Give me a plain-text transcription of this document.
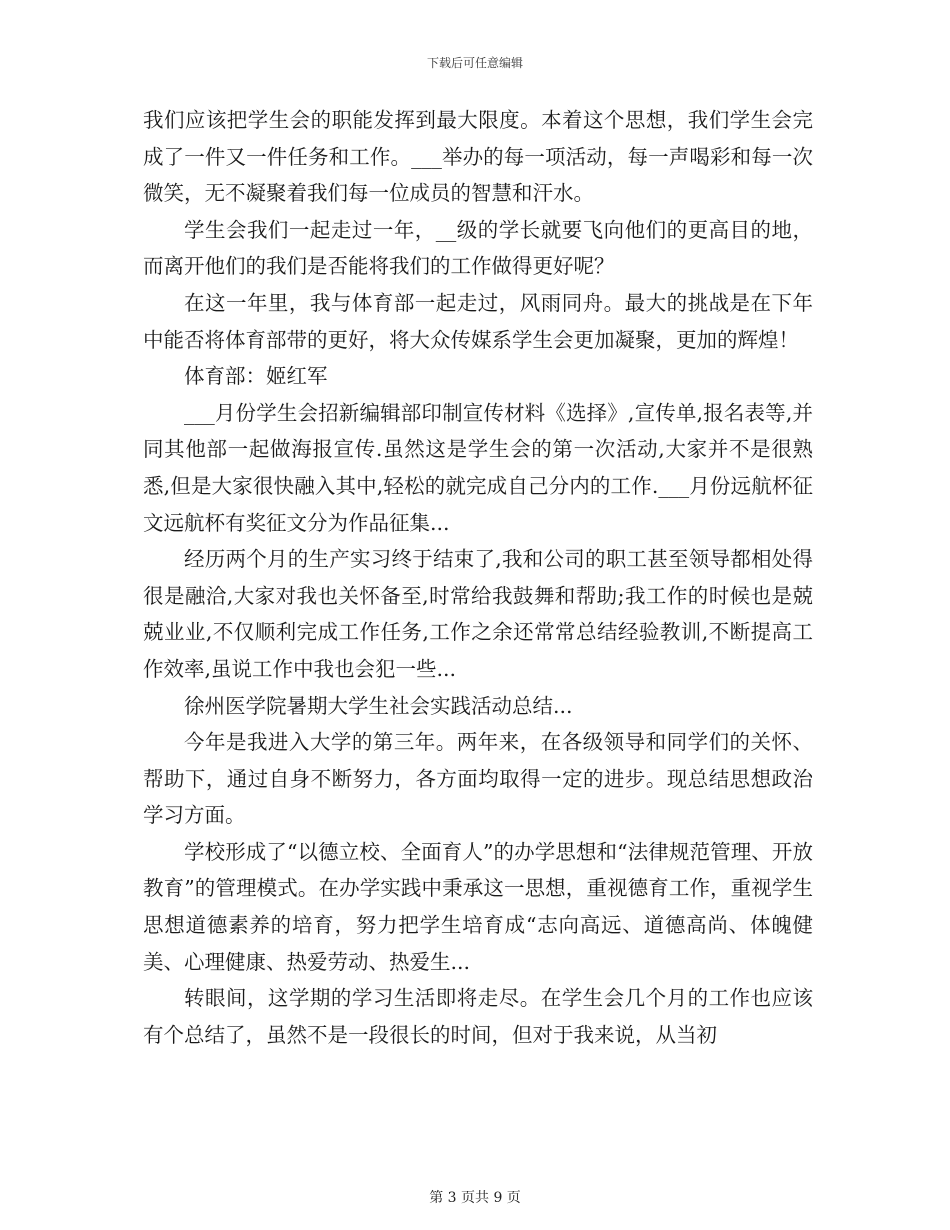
下载后可任意编辑

我们应该把学生会的职能发挥到最大限度。本着这个思想，我们学生会完成了一件又一件任务和工作。___举办的每一项活动，每一声喝彩和每一次微笑，无不凝聚着我们每一位成员的智慧和汗水。

学生会我们一起走过一年，__级的学长就要飞向他们的更高目的地，而离开他们的我们是否能将我们的工作做得更好呢？

在这一年里，我与体育部一起走过，风雨同舟。最大的挑战是在下年中能否将体育部带的更好，将大众传媒系学生会更加凝聚，更加的辉煌！

体育部：姬红军

___月份学生会招新编辑部印制宣传材料《选择》,宣传单,报名表等,并同其他部一起做海报宣传.虽然这是学生会的第一次活动,大家并不是很熟悉,但是大家很快融入其中,轻松的就完成自己分内的工作.___月份远航杯征文远航杯有奖征文分为作品征集...

经历两个月的生产实习终于结束了,我和公司的职工甚至领导都相处得很是融洽,大家对我也关怀备至,时常给我鼓舞和帮助;我工作的时候也是兢兢业业,不仅顺利完成工作任务,工作之余还常常总结经验教训,不断提高工作效率,虽说工作中我也会犯一些...

徐州医学院暑期大学生社会实践活动总结...

今年是我进入大学的第三年。两年来，在各级领导和同学们的关怀、帮助下，通过自身不断努力，各方面均取得一定的进步。现总结思想政治学习方面。

学校形成了“以德立校、全面育人”的办学思想和“法律规范管理、开放教育”的管理模式。在办学实践中秉承这一思想，重视德育工作，重视学生思想道德素养的培育，努力把学生培育成“志向高远、道德高尚、体魄健美、心理健康、热爱劳动、热爱生...

转眼间，这学期的学习生活即将走尽。在学生会几个月的工作也应该有个总结了，虽然不是一段很长的时间，但对于我来说，从当初

第 3 页共 9 页
